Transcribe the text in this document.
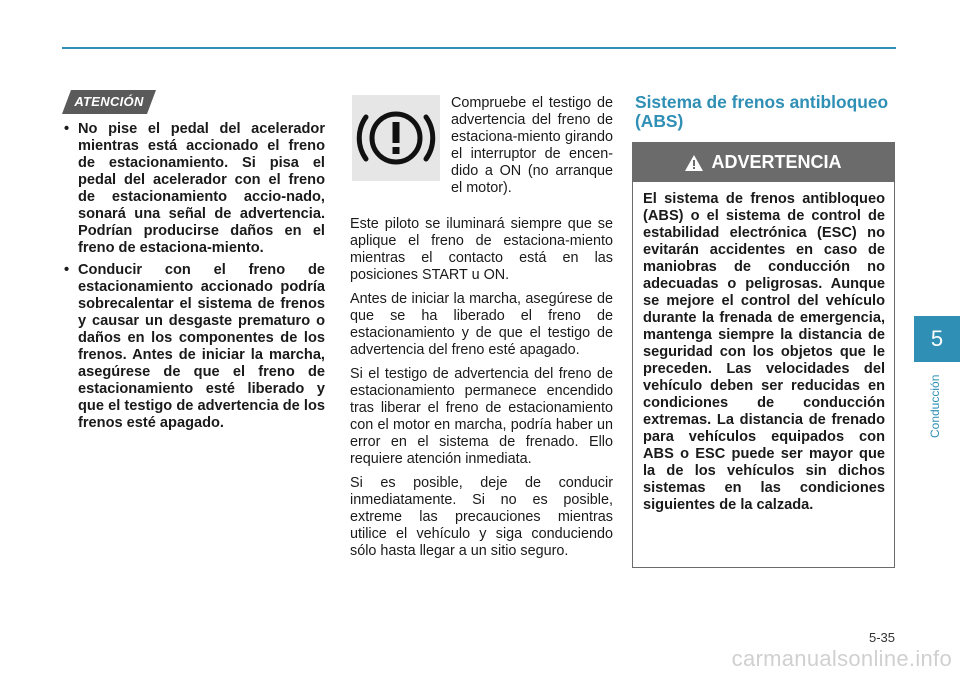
ATENCIÓN
• No pise el pedal del acelerador mientras está accionado el freno de estacionamiento. Si pisa el pedal del acelerador con el freno de estacionamiento accio-nado, sonará una señal de advertencia. Podrían producirse daños en el freno de estaciona-miento.
• Conducir con el freno de estacionamiento accionado podría sobrecalentar el sistema de frenos y causar un desgaste prematuro o daños en los componentes de los frenos. Antes de iniciar la marcha, asegúrese de que el freno de estacionamiento esté liberado y que el testigo de advertencia de los frenos esté apagado.

Compruebe el testigo de advertencia del freno de estaciona-miento girando el interruptor de encen-dido a ON (no arranque el motor).

Este piloto se iluminará siempre que se aplique el freno de estaciona-miento mientras el contacto está en las posiciones START u ON.

Antes de iniciar la marcha, asegúrese de que se ha liberado el freno de estacionamiento y de que el testigo de advertencia del freno esté apagado.

Si el testigo de advertencia del freno de estacionamiento permanece encendido tras liberar el freno de estacionamiento con el motor en marcha, podría haber un error en el sistema de frenado. Ello requiere atención inmediata.

Si es posible, deje de conducir inmediatamente. Si no es posible, extreme las precauciones mientras utilice el vehículo y siga conduciendo sólo hasta llegar a un sitio seguro.

Sistema de frenos antibloqueo (ABS)
ADVERTENCIA

El sistema de frenos antibloqueo (ABS) o el sistema de control de estabilidad electrónica (ESC) no evitarán accidentes en caso de maniobras de conducción no adecuadas o peligrosas. Aunque se mejore el control del vehículo durante la frenada de emergencia, mantenga siempre la distancia de seguridad con los objetos que le preceden. Las velocidades del vehículo deben ser reducidas en condiciones de conducción extremas. La distancia de frenado para vehículos equipados con ABS o ESC puede ser mayor que la de los vehículos sin dichos sistemas en las condiciones siguientes de la calzada.

5
Conducción
5-35
carmanualsonline.info
